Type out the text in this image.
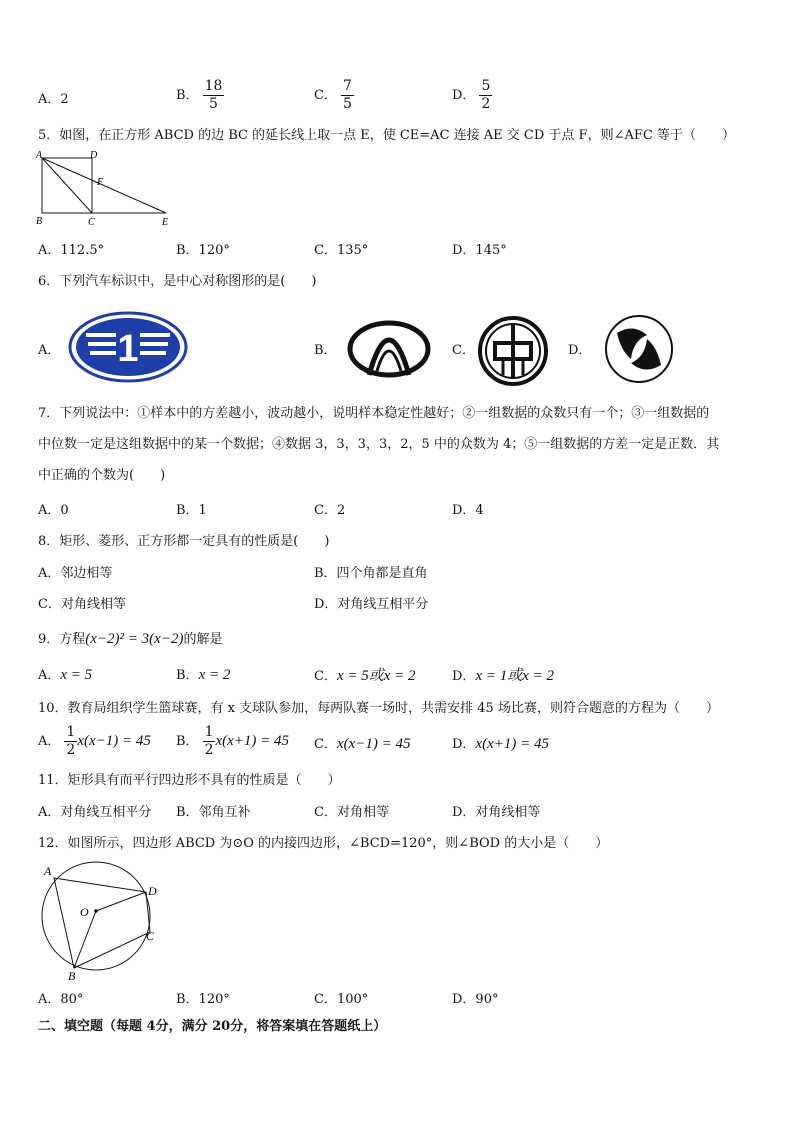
A．2	B． $\frac{18}{5}$	C． $\frac{7}{5}$	D． $\frac{5}{2}$
5．如图，在正方形 ABCD 的边 BC 的延长线上取一点 E，使 CE=AC 连接 AE 交 CD 于点 F，则∠AFC 等于（　　）
A	D
F
B	C	E
A．112.5°	B．120°	C．135°	D．145°
6．下列汽车标识中，是中心对称图形的是(　　)
A． 1	B．	C．	D．
7．下列说法中：①样本中的方差越小，波动越小，说明样本稳定性越好；②一组数据的众数只有一个；③一组数据的
中位数一定是这组数据中的某一个数据；④数据 3，3，3，3，2，5 中的众数为 4；⑤一组数据的方差一定是正数．其
中正确的个数为(　　)
A．0	B．1	C．2	D．4
8．矩形、菱形、正方形都一定具有的性质是(　　)
A．邻边相等	B．四个角都是直角
C．对角线相等	D．对角线互相平分
9．方程(x−2)² = 3(x−2)的解是
A．x = 5	B．x = 2	C．x = 5或x = 2	D．x = 1或x = 2
10．教育局组织学生篮球赛，有 x 支球队参加，每两队赛一场时，共需安排 45 场比赛，则符合题意的方程为（　　）
A． $\frac{1}{2} x(x-1) = 45$ B． $\frac{1}{2} x(x+1) = 45$ C．x(x−1) = 45	D．x(x+1) = 45
11．矩形具有而平行四边形不具有的性质是（　　）
A．对角线互相平分 B．邻角互补	C．对角相等	D．对角线相等
12．如图所示，四边形 ABCD 为⊙O 的内接四边形，∠BCD=120°，则∠BOD 的大小是（　　）
A
D
C
B
O
A．80°	B．120°	C．100°	D．90°
二、填空题（每题 4分，满分 20分，将答案填在答题纸上）
